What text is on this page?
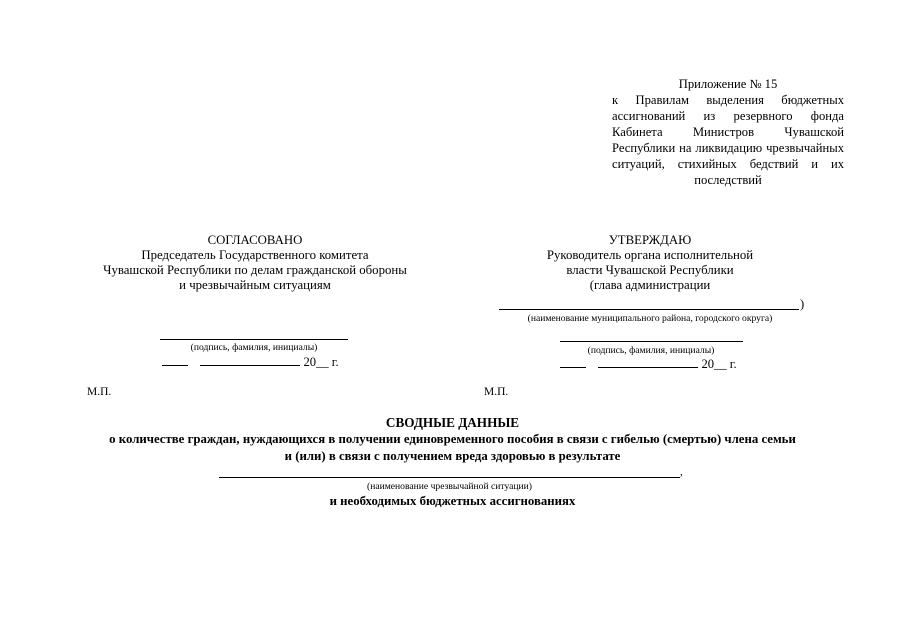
Приложение № 15
к Правилам выделения бюджетных ассигнований из резервного фонда Кабинета Министров Чувашской Республики на ликвидацию чрезвычайных ситуаций, стихийных бедствий и их последствий
СОГЛАСОВАНО
Председатель Государственного комитета
Чувашской Республики по делам гражданской обороны
и чрезвычайным ситуациям
(подпись, фамилия, инициалы)
20__ г.
М.П.
УТВЕРЖДАЮ
Руководитель органа исполнительной
власти Чувашской Республики
(глава администрации
)
(наименование муниципального района, городского округа)
(подпись, фамилия, инициалы)
20__ г.
М.П.
СВОДНЫЕ ДАННЫЕ
о количестве граждан, нуждающихся в получении единовременного пособия в связи с гибелью (смертью) члена семьи
и (или) в связи с получением вреда здоровью в результате
,
(наименование чрезвычайной ситуации)
и необходимых бюджетных ассигнованиях
